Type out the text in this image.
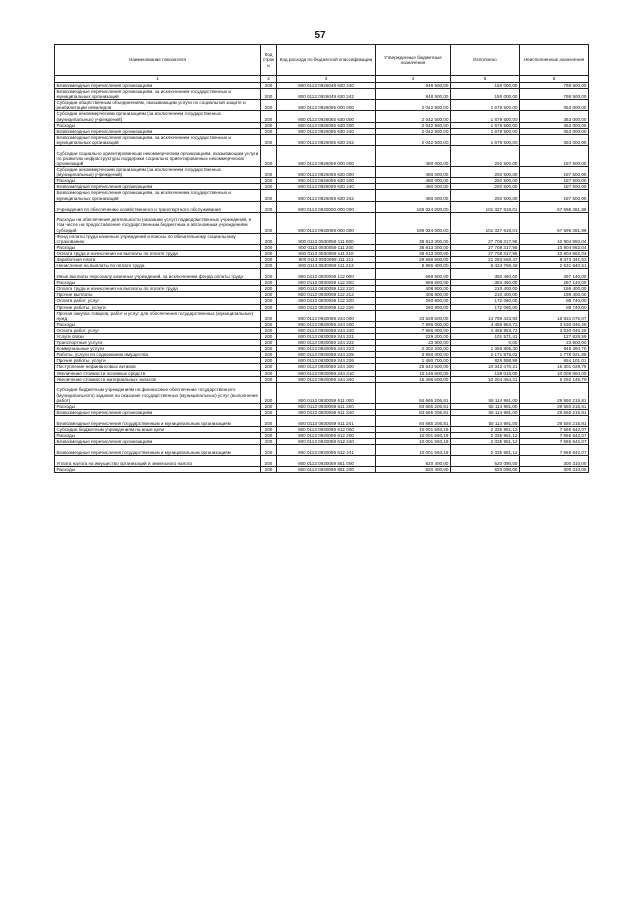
57
Наименование показателя	Код строк и	Код расхода по бюджетной классификации	Утвержденные бюджетные назначения	Исполнено	Неисполненные назначения
1	2	3	4	5	6
Безвозмездные перечисления организациям	200	800 0113 0926049 630 240	948 500,00	150 000,00	798 500,00
Безвозмездные перечисления организациям, за исключением государственных и муниципальных организаций	200	800 0113 0926049 630 242	948 500,00	150 000,00	798 500,00
Субсидии общественным объединениям, оказывающим услуги по социальной защите и реабилитации инвалидов	200	800 0113 0926055 000 000	2 042 500,00	1 679 500,00	363 000,00
Субсидии некоммерческим организациям (за исключением государственных (муниципальных) учреждений)	200	800 0113 0926055 630 000	2 042 500,00	1 679 500,00	363 000,00
Расходы	200	800 0113 0926055 630 200	2 042 500,00	1 679 500,00	363 000,00
Безвозмездные перечисления организациям	200	800 0113 0926055 630 240	2 042 500,00	1 679 500,00	363 000,00
Безвозмездные перечисления организациям, за исключением государственных и муниципальных организаций	200	800 0113 0926055 630 242	2 042 500,00	1 679 500,00	363 000,00
Субсидии социально ориентированным некоммерческим организациям, оказывающим услуги по развитию инфраструктуры поддержки социально ориентированных некоммерческих организаций	200	800 0113 0926059 000 000	480 000,00	292 500,00	187 500,00
Субсидии некоммерческим организациям (за исключением государственных (муниципальных) учреждений)	200	800 0113 0926059 630 000	480 000,00	292 500,00	187 500,00
Расходы	200	800 0113 0926059 630 200	480 000,00	292 500,00	187 500,00
Безвозмездные перечисления организациям	200	800 0113 0926059 630 240	480 000,00	292 500,00	187 500,00
Безвозмездные перечисления организациям, за исключением государственных и муниципальных организаций	200	800 0113 0926059 630 242	480 000,00	292 500,00	187 500,00
Учреждения по обеспечению хозяйственного и транспортного обслуживания	200	800 0113 0930000 000 000	169 024 000,00	101 327 618,01	67 696 381,99
Расходы на обеспечение деятельности (оказание услуг) подведомственных учреждений, в том числе на предоставление государственным бюджетным и автономным учреждениям субсидий	200	800 0113 0930059 000 000	169 024 000,00	101 327 618,01	67 696 381,99
Фонд оплаты труда казенных учреждений и взносы по обязательному социальному страхованию	200	800 0113 0930059 111 000	38 813 300,00	27 708 317,96	10 904 982,04
Расходы	200	800 0113 0930059 111 200	38 813 300,00	27 708 317,96	10 904 982,04
Оплата труда и начисления на выплаты по оплате труда	200	800 0113 0930059 111 210	38 613 300,00	27 708 317,96	10 904 982,04
Заработная плата	200	800 0113 0930059 111 211	29 656 900,00	21 283 558,47	8 373 341,53
Начисления на выплаты по оплате труда	200	800 0113 0930059 111 213	8 956 400,00	6 424 759,49	2 531 640,51
Иные выплаты персоналу казенных учреждений, за исключением фонда оплаты труда	200	800 0113 0930059 112 000	669 600,00	382 460,00	287 140,00
Расходы	200	800 0113 0930059 112 200	669 600,00	382 460,00	287 140,00
Оплата труда и начисления на выплаты по оплате труда	200	800 0113 0930059 112 210	408 800,00	210 400,00	198 400,00
Прочие выплаты	200	800 0113 0930059 112 212	408 800,00	210 400,00	198 400,00
Оплата работ, услуг	200	800 0113 0930059 112 220	260 800,00	172 060,00	88 740,00
Прочие работы, услуги	200	800 0113 0930059 112 226	260 800,00	172 060,00	88 740,00
Прочая закупка товаров, работ и услуг для обеспечения государственных (муниципальных) нужд	200	800 0113 0930059 244 000	33 629 500,00	14 798 423,93	18 831 076,07
Расходы	200	800 0113 0930059 244 200	7 986 000,00	4 455 953,72	3 530 046,28
Оплата работ, услуг	200	800 0113 0930059 244 220	7 986 000,00	4 455 953,72	3 530 046,28
Услуги связи	200	800 0113 0930059 244 221	229 200,00	101 571,41	127 628,59
Транспортные услуги	200	800 0113 0930059 244 222	23 900,00	0,00	23 900,00
Коммунальные услуги	200	800 0113 0930059 244 223	2 302 200,00	1 355 805,30	946 394,70
Работы, услуги по содержанию имущества	200	800 0113 0930059 244 225	3 950 000,00	2 171 978,02	1 778 021,98
Прочие работы, услуги	200	800 0113 0930059 244 226	1 480 700,00	826 598,99	654 101,01
Поступление нефинансовых активов	200	800 0113 0930059 244 300	25 643 500,00	10 342 470,21	15 301 029,79
Увеличение стоимости основных средств	200	800 0113 0930059 244 310	10 146 800,00	138 016,00	10 008 884,00
Увеличение стоимости материальных запасов	200	800 0113 0930059 244 340	15 496 600,00	10 204 454,21	5 292 145,79
Субсидии бюджетным учреждениям на финансовое обеспечение государственного (муниципального) задания на оказание государственных (муниципальных) услуг (выполнение работ)	200	800 0113 0930059 611 000	84 665 206,81	55 114 991,00	29 550 215,81
Расходы	200	800 0113 0930059 611 200	84 665 206,81	55 114 991,00	29 550 215,81
Безвозмездные перечисления организациям	200	800 0113 0930059 611 240	84 665 206,81	55 114 991,00	29 550 215,81
Безвозмездные перечисления государственным и муниципальным организациям	200	800 0113 0930059 611 241	84 665 206,81	55 114 991,00	29 550 215,81
Субсидии бюджетным учреждениям на иные цели	200	800 0113 0930059 612 000	10 001 593,19	2 335 951,12	7 665 642,07
Расходы	200	800 0113 0930059 612 200	10 001 593,19	2 335 951,12	7 665 642,07
Безвозмездные перечисления организациям	200	800 0113 0930059 612 240	10 001 593,19	2 335 951,12	7 665 642,07
Безвозмездные перечисления государственным и муниципальным организациям	200	800 0113 0930059 612 241	10 001 593,19	2 335 951,12	7 665 642,07
Уплата налога на имущество организаций и земельного налога	200	800 0113 0930059 851 000	820 400,00	520 090,00	300 310,00
Расходы	200	800 0113 0930059 851 200	820 400,00	520 090,00	300 310,00
